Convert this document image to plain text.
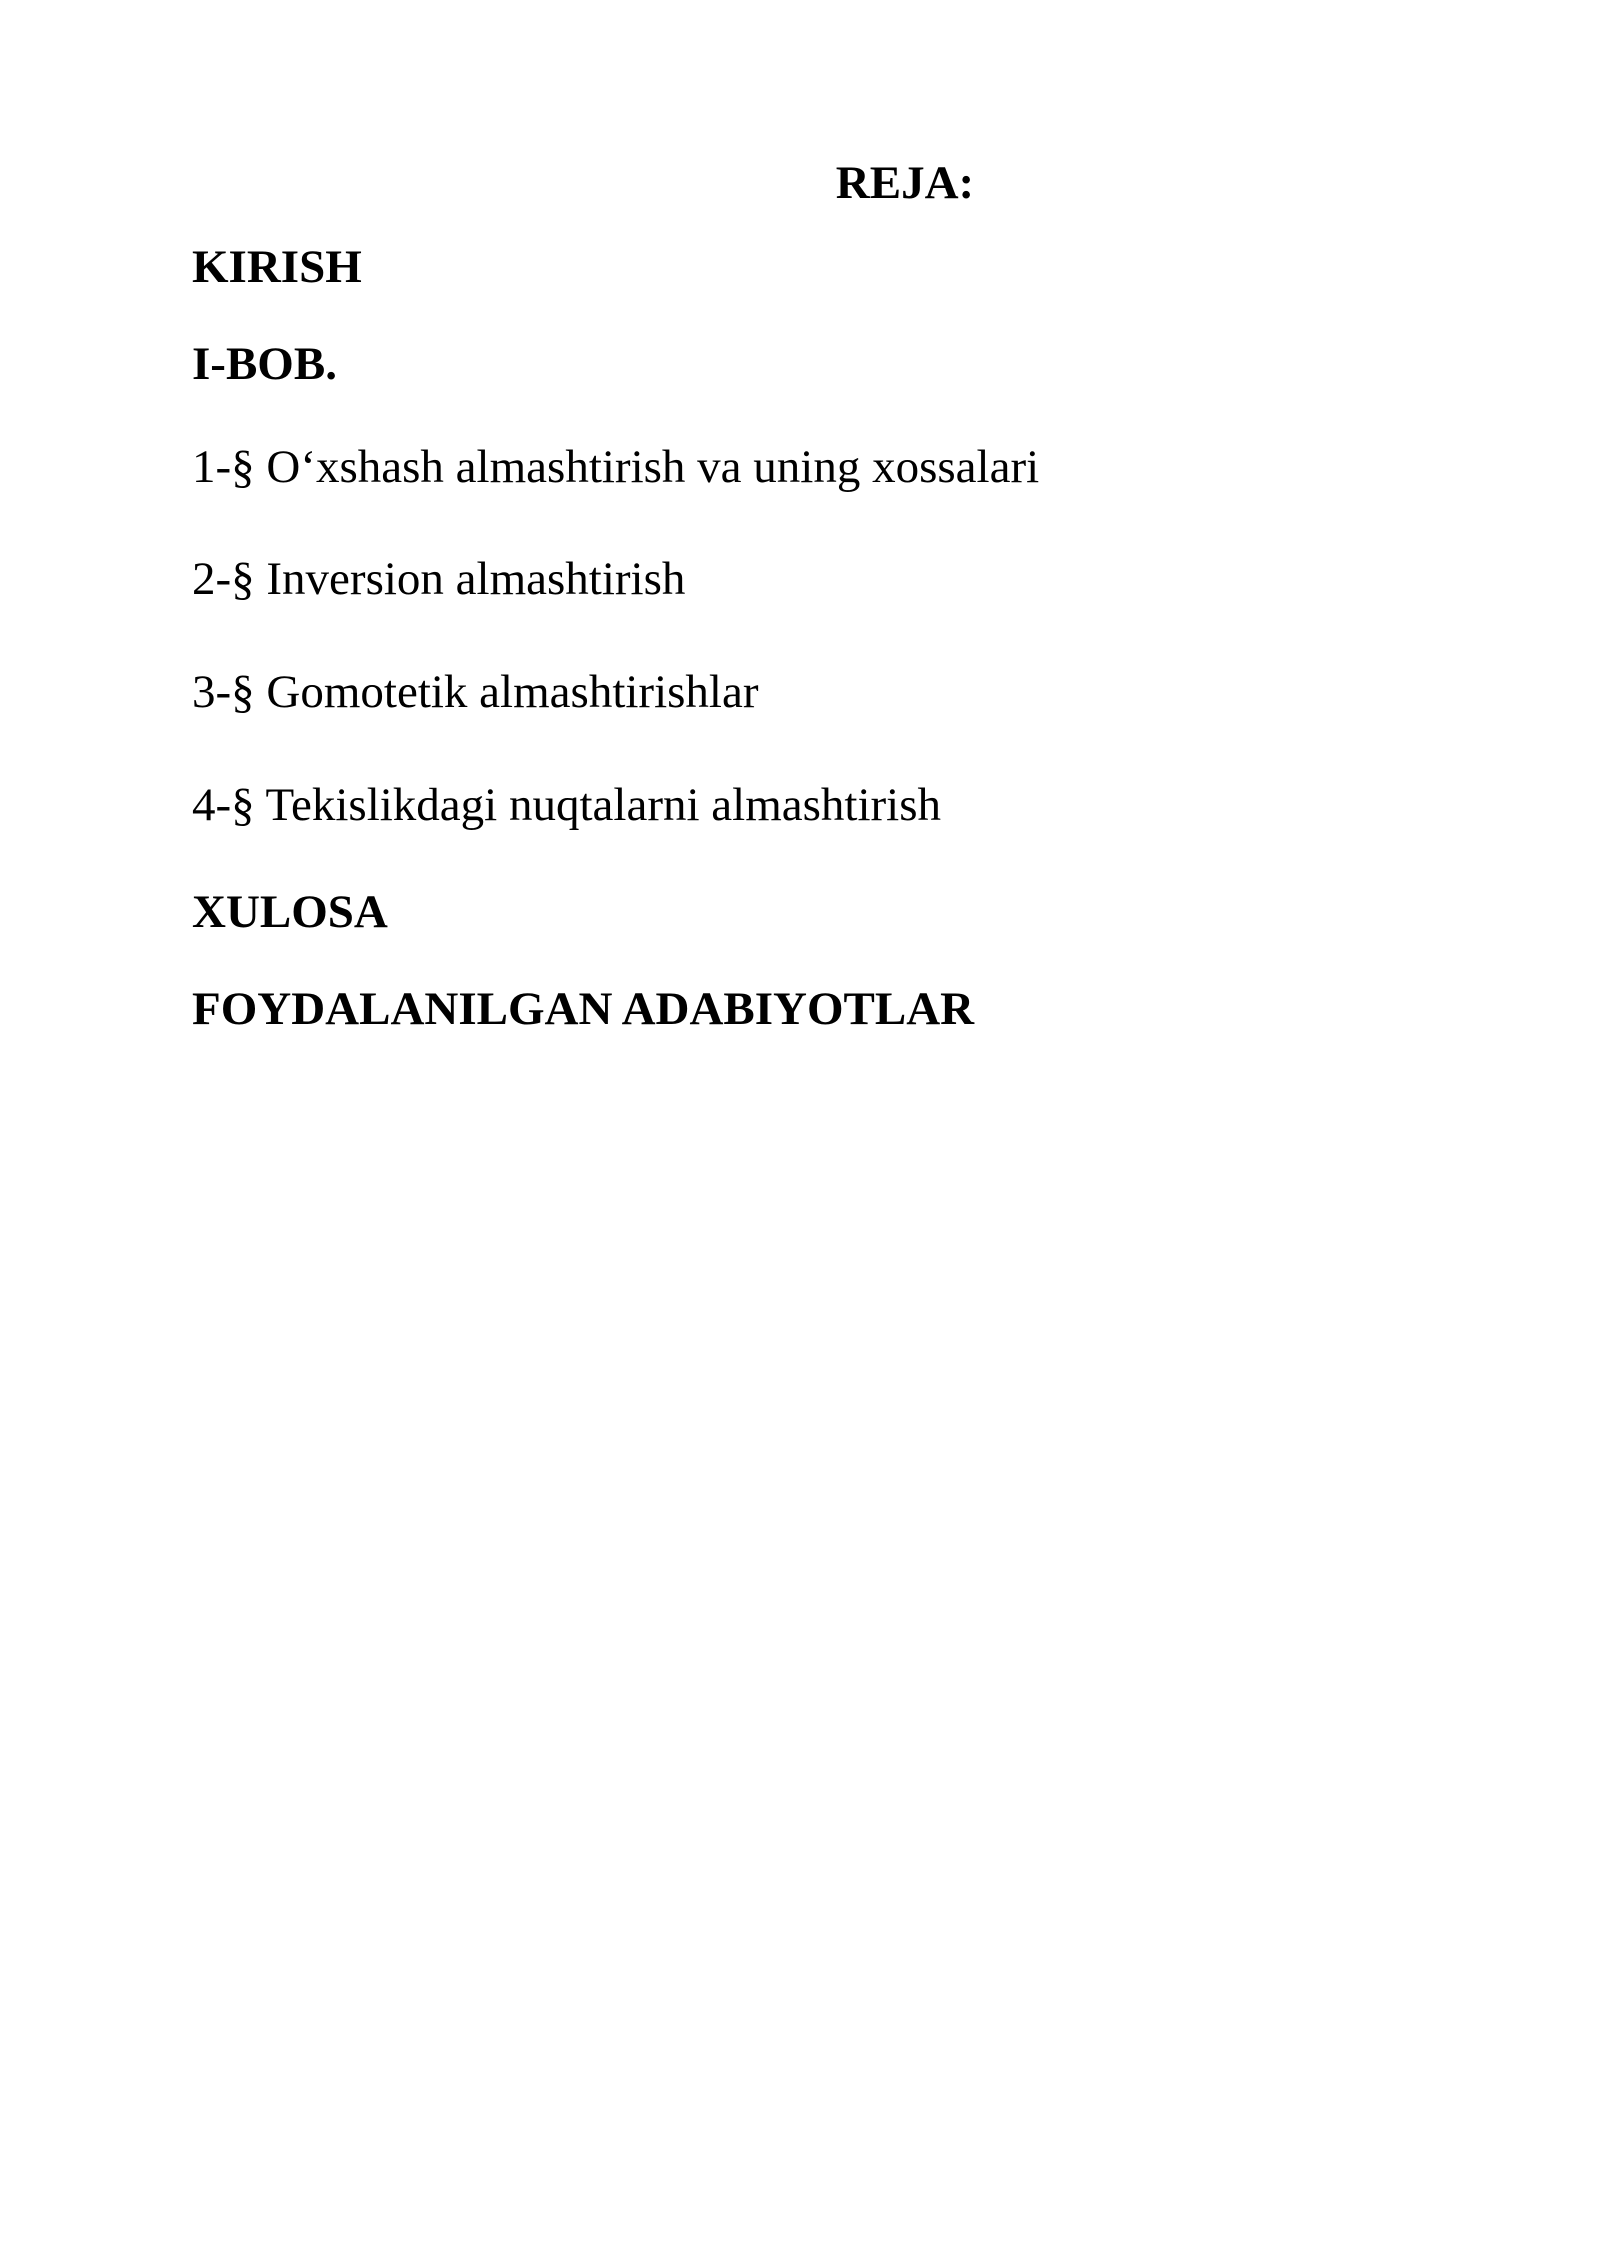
REJA:
KIRISH
I-BOB.
1-§ O‘xshash almashtirish va uning xossalari
2-§ Inversion almashtirish
3-§ Gomotetik almashtirishlar
4-§ Tekislikdagi nuqtalarni almashtirish
XULOSA
FOYDALANILGAN ADABIYOTLAR
